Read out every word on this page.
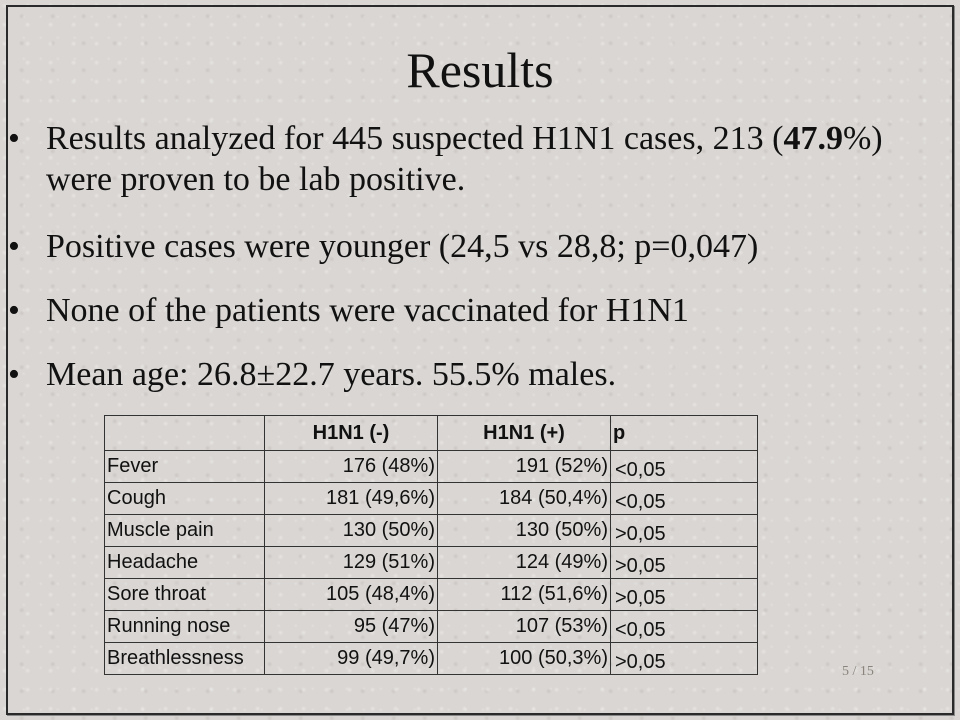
Results
• Results analyzed for 445 suspected H1N1 cases, 213 (47.9%) were proven to be lab positive.
• Positive cases were younger (24,5 vs 28,8; p=0,047)
• None of the patients were vaccinated for H1N1
• Mean age: 26.8±22.7 years. 55.5% males.
	H1N1 (-)	H1N1 (+)	p
Fever	176 (48%)	191 (52%)	<0,05
Cough	181 (49,6%)	184 (50,4%)	<0,05
Muscle pain	130 (50%)	130 (50%)	>0,05
Headache	129 (51%)	124 (49%)	>0,05
Sore throat	105 (48,4%)	112 (51,6%)	>0,05
Running nose	95 (47%)	107 (53%)	<0,05
Breathlessness	99 (49,7%)	100 (50,3%)	>0,05	5 / 15
